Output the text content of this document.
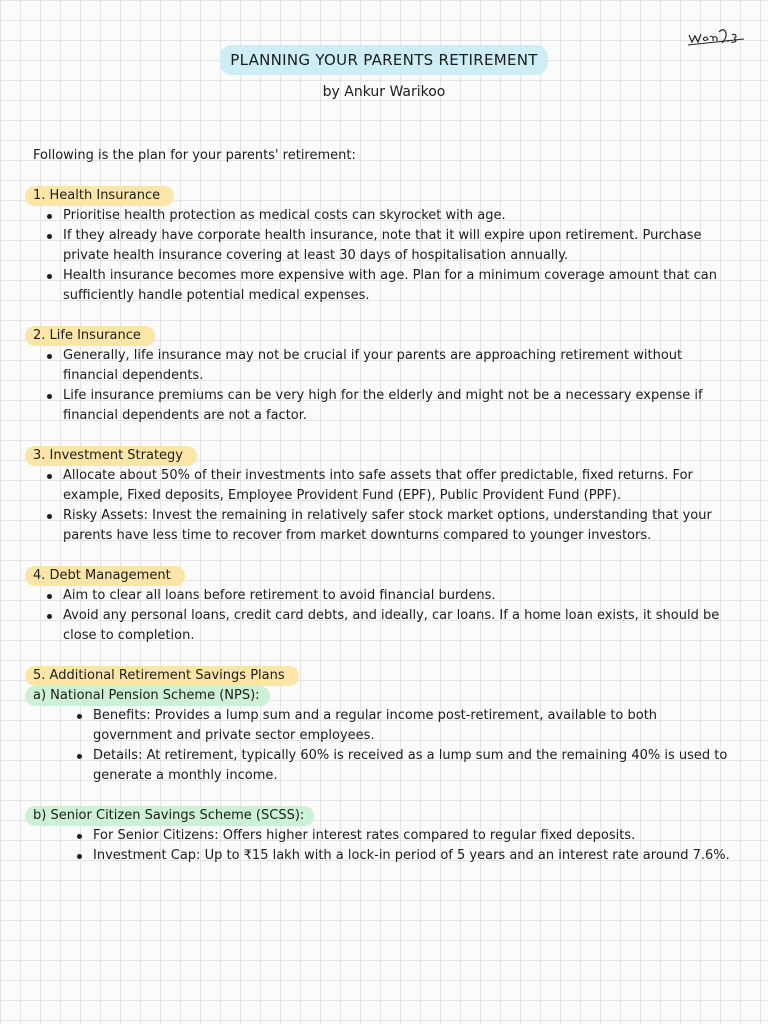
PLANNING YOUR PARENTS RETIREMENT
by Ankur Warikoo

Following is the plan for your parents' retirement:

1. Health Insurance
Prioritise health protection as medical costs can skyrocket with age.
If they already have corporate health insurance, note that it will expire upon retirement. Purchase private health insurance covering at least 30 days of hospitalisation annually.
Health insurance becomes more expensive with age. Plan for a minimum coverage amount that can sufficiently handle potential medical expenses.
2. Life Insurance
Generally, life insurance may not be crucial if your parents are approaching retirement without financial dependents.
Life insurance premiums can be very high for the elderly and might not be a necessary expense if financial dependents are not a factor.
3. Investment Strategy
Allocate about 50% of their investments into safe assets that offer predictable, fixed returns. For example, Fixed deposits, Employee Provident Fund (EPF), Public Provident Fund (PPF).
Risky Assets: Invest the remaining in relatively safer stock market options, understanding that your parents have less time to recover from market downturns compared to younger investors.
4. Debt Management
Aim to clear all loans before retirement to avoid financial burdens.
Avoid any personal loans, credit card debts, and ideally, car loans. If a home loan exists, it should be close to completion.
5. Additional Retirement Savings Plans
a) National Pension Scheme (NPS):
Benefits: Provides a lump sum and a regular income post-retirement, available to both government and private sector employees.
Details: At retirement, typically 60% is received as a lump sum and the remaining 40% is used to generate a monthly income.
b) Senior Citizen Savings Scheme (SCSS):
For Senior Citizens: Offers higher interest rates compared to regular fixed deposits.
Investment Cap: Up to ₹15 lakh with a lock-in period of 5 years and an interest rate around 7.6%.
